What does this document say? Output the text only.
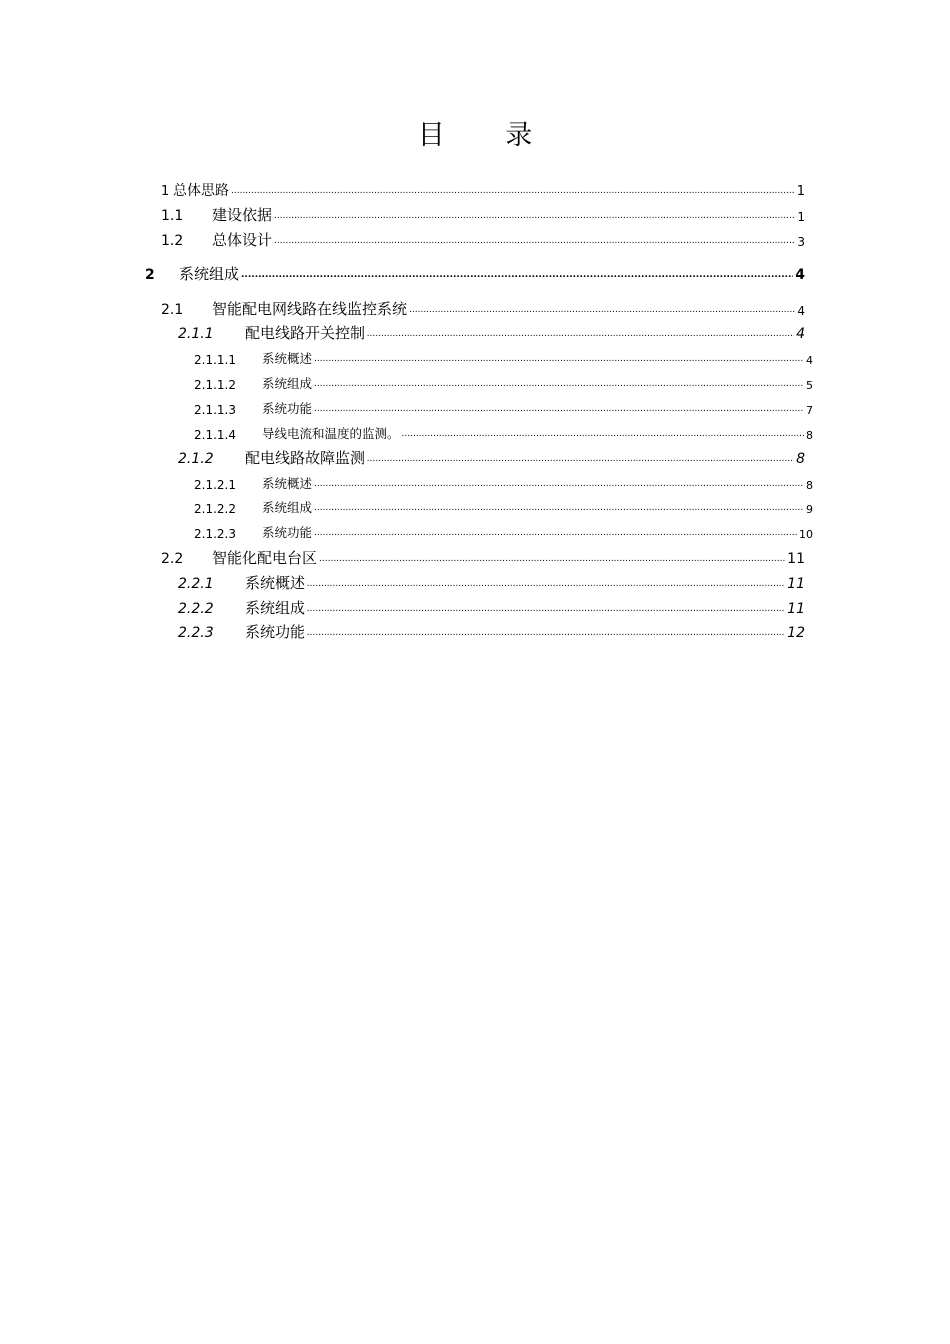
目 录
1 总体思路 .....	1
1.1	建设依据 .....	1
1.2	总体设计 .....	3
2	系统组成 .....	4
2.1	智能配电网线路在线监控系统 .....	4
2.1.1	配电线路开关控制 .....	4
2.1.1.1	系统概述 .....	4
2.1.1.2	系统组成 .....	5
2.1.1.3	系统功能 .....	7
2.1.1.4	导线电流和温度的监测。 .....	8
2.1.2	配电线路故障监测 .....	8
2.1.2.1	系统概述 .....	8
2.1.2.2	系统组成 .....	9
2.1.2.3	系统功能 .....	10
2.2	智能化配电台区 .....	11
2.2.1	系统概述 .....	11
2.2.2	系统组成 .....	11
2.2.3	系统功能 .....	12
